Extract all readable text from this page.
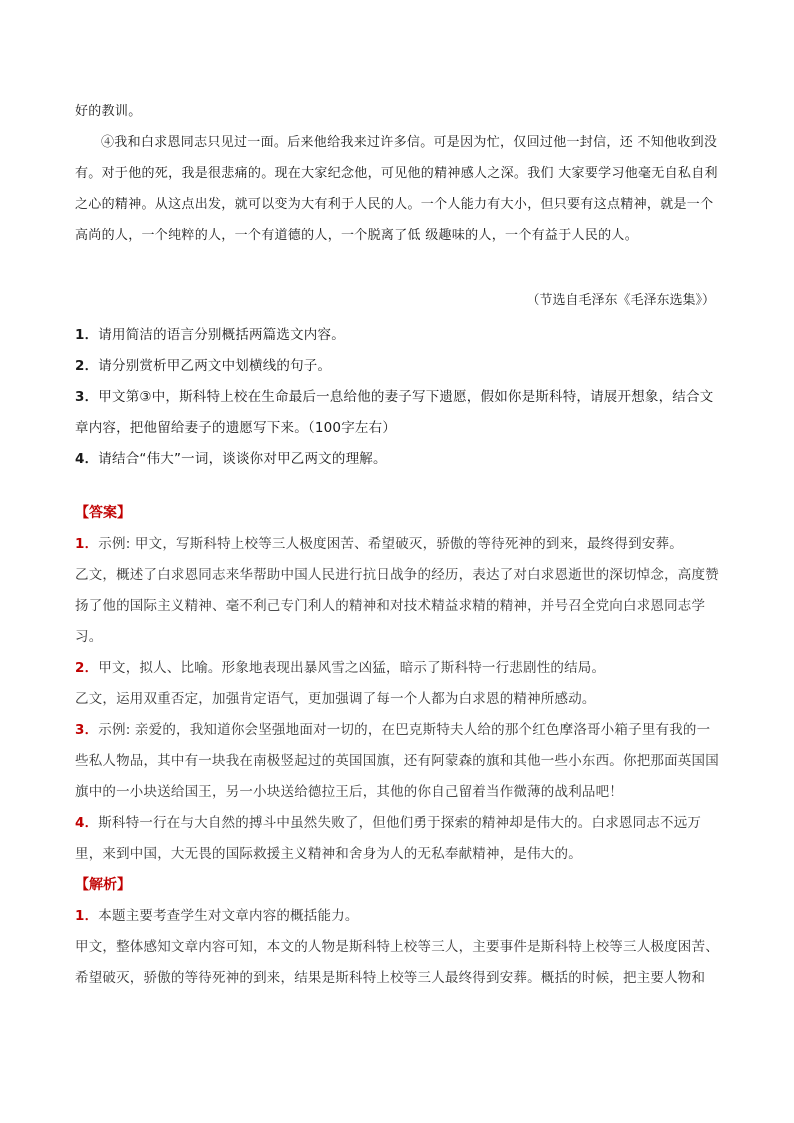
好的教训。

④我和白求恩同志只见过一面。后来他给我来过许多信。可是因为忙，仅回过他一封信，还 不知他收到没有。对于他的死，我是很悲痛的。现在大家纪念他，可见他的精神感人之深。我们 大家要学习他毫无自私自利之心的精神。从这点出发，就可以变为大有利于人民的人。一个人能力有大小，但只要有这点精神，就是一个高尚的人，一个纯粹的人，一个有道德的人，一个脱离了低 级趣味的人，一个有益于人民的人。

（节选自毛泽东《毛泽东选集》）

1．请用简洁的语言分别概括两篇选文内容。

2．请分别赏析甲乙两文中划横线的句子。

3．甲文第③中，斯科特上校在生命最后一息给他的妻子写下遗愿，假如你是斯科特，请展开想象，结合文章内容，把他留给妻子的遗愿写下来。（100字左右）

4．请结合“伟大”一词，谈谈你对甲乙两文的理解。

【答案】

1．示例: 甲文，写斯科特上校等三人极度困苦、希望破灭，骄傲的等待死神的到来，最终得到安葬。

乙文，概述了白求恩同志来华帮助中国人民进行抗日战争的经历，表达了对白求恩逝世的深切悼念，高度赞扬了他的国际主义精神、毫不利己专门利人的精神和对技术精益求精的精神，并号召全党向白求恩同志学习。

2．甲文，拟人、比喻。形象地表现出暴风雪之凶猛，暗示了斯科特一行悲剧性的结局。

乙文，运用双重否定，加强肯定语气，更加强调了每一个人都为白求恩的精神所感动。

3．示例: 亲爱的，我知道你会坚强地面对一切的，在巴克斯特夫人给的那个红色摩洛哥小箱子里有我的一些私人物品，其中有一块我在南极竖起过的英国国旗，还有阿蒙森的旗和其他一些小东西。你把那面英国国旗中的一小块送给国王，另一小块送给德拉王后，其他的你自己留着当作微薄的战利品吧！

4．斯科特一行在与大自然的搏斗中虽然失败了，但他们勇于探索的精神却是伟大的。白求恩同志不远万里，来到中国，大无畏的国际救援主义精神和舍身为人的无私奉献精神，是伟大的。

【解析】

1．本题主要考查学生对文章内容的概括能力。

甲文，整体感知文章内容可知，本文的人物是斯科特上校等三人，主要事件是斯科特上校等三人极度困苦、希望破灭，骄傲的等待死神的到来，结果是斯科特上校等三人最终得到安葬。概括的时候，把主要人物和
